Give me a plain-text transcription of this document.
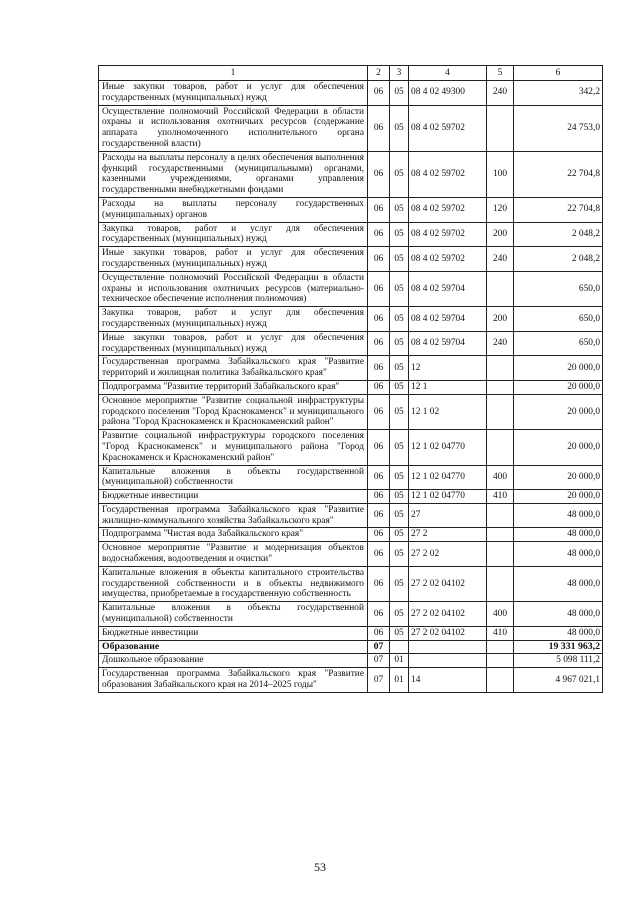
1	2	3	4	5	6
Иные закупки товаров, работ и услуг для обеспечения государственных (муниципальных) нужд	06	05	08 4 02 49300	240	342,2
Осуществление полномочий Российской Федерации в области охраны и использования охотничьих ресурсов (содержание аппарата уполномоченного исполнительного органа государственной власти)	06	05	08 4 02 59702		24 753,0
Расходы на выплаты персоналу в целях обеспечения выполнения функций государственными (муниципальными) органами, казенными учреждениями, органами управления государственными внебюджетными фондами	06	05	08 4 02 59702	100	22 704,8
Расходы на выплаты персоналу государственных (муниципальных) органов	06	05	08 4 02 59702	120	22 704,8
Закупка товаров, работ и услуг для обеспечения государственных (муниципальных) нужд	06	05	08 4 02 59702	200	2 048,2
Иные закупки товаров, работ и услуг для обеспечения государственных (муниципальных) нужд	06	05	08 4 02 59702	240	2 048,2
Осуществление полномочий Российской Федерации в области охраны и использования охотничьих ресурсов (материально-техническое обеспечение исполнения полномочия)	06	05	08 4 02 59704		650,0
Закупка товаров, работ и услуг для обеспечения государственных (муниципальных) нужд	06	05	08 4 02 59704	200	650,0
Иные закупки товаров, работ и услуг для обеспечения государственных (муниципальных) нужд	06	05	08 4 02 59704	240	650,0
Государственная программа Забайкальского края "Развитие территорий и жилищная политика Забайкальского края"	06	05	12		20 000,0
Подпрограмма "Развитие территорий Забайкальского края"	06	05	12 1		20 000,0
Основное мероприятие "Развитие социальной инфраструктуры городского поселения "Город Краснокаменск" и муниципального района "Город Краснокаменск и Краснокаменский район"	06	05	12 1 02		20 000,0
Развитие социальной инфраструктуры городского поселения "Город Краснокаменск" и муниципального района "Город Краснокаменск и Краснокаменский район"	06	05	12 1 02 04770		20 000,0
Капитальные вложения в объекты государственной (муниципальной) собственности	06	05	12 1 02 04770	400	20 000,0
Бюджетные инвестиции	06	05	12 1 02 04770	410	20 000,0
Государственная программа Забайкальского края "Развитие жилищно-коммунального хозяйства Забайкальского края"	06	05	27		48 000,0
Подпрограмма "Чистая вода Забайкальского края"	06	05	27 2		48 000,0
Основное мероприятие "Развитие и модернизация объектов водоснабжения, водоотведения и очистки"	06	05	27 2 02		48 000,0
Капитальные вложения в объекты капитального строительства государственной собственности и в объекты недвижимого имущества, приобретаемые в государственную собственность	06	05	27 2 02 04102		48 000,0
Капитальные вложения в объекты государственной (муниципальной) собственности	06	05	27 2 02 04102	400	48 000,0
Бюджетные инвестиции	06	05	27 2 02 04102	410	48 000,0
Образование	07				19 331 963,2
Дошкольное образование	07	01			5 098 111,2
Государственная программа Забайкальского края "Развитие образования Забайкальского края на 2014–2025 годы"	07	01	14		4 967 021,1
53
